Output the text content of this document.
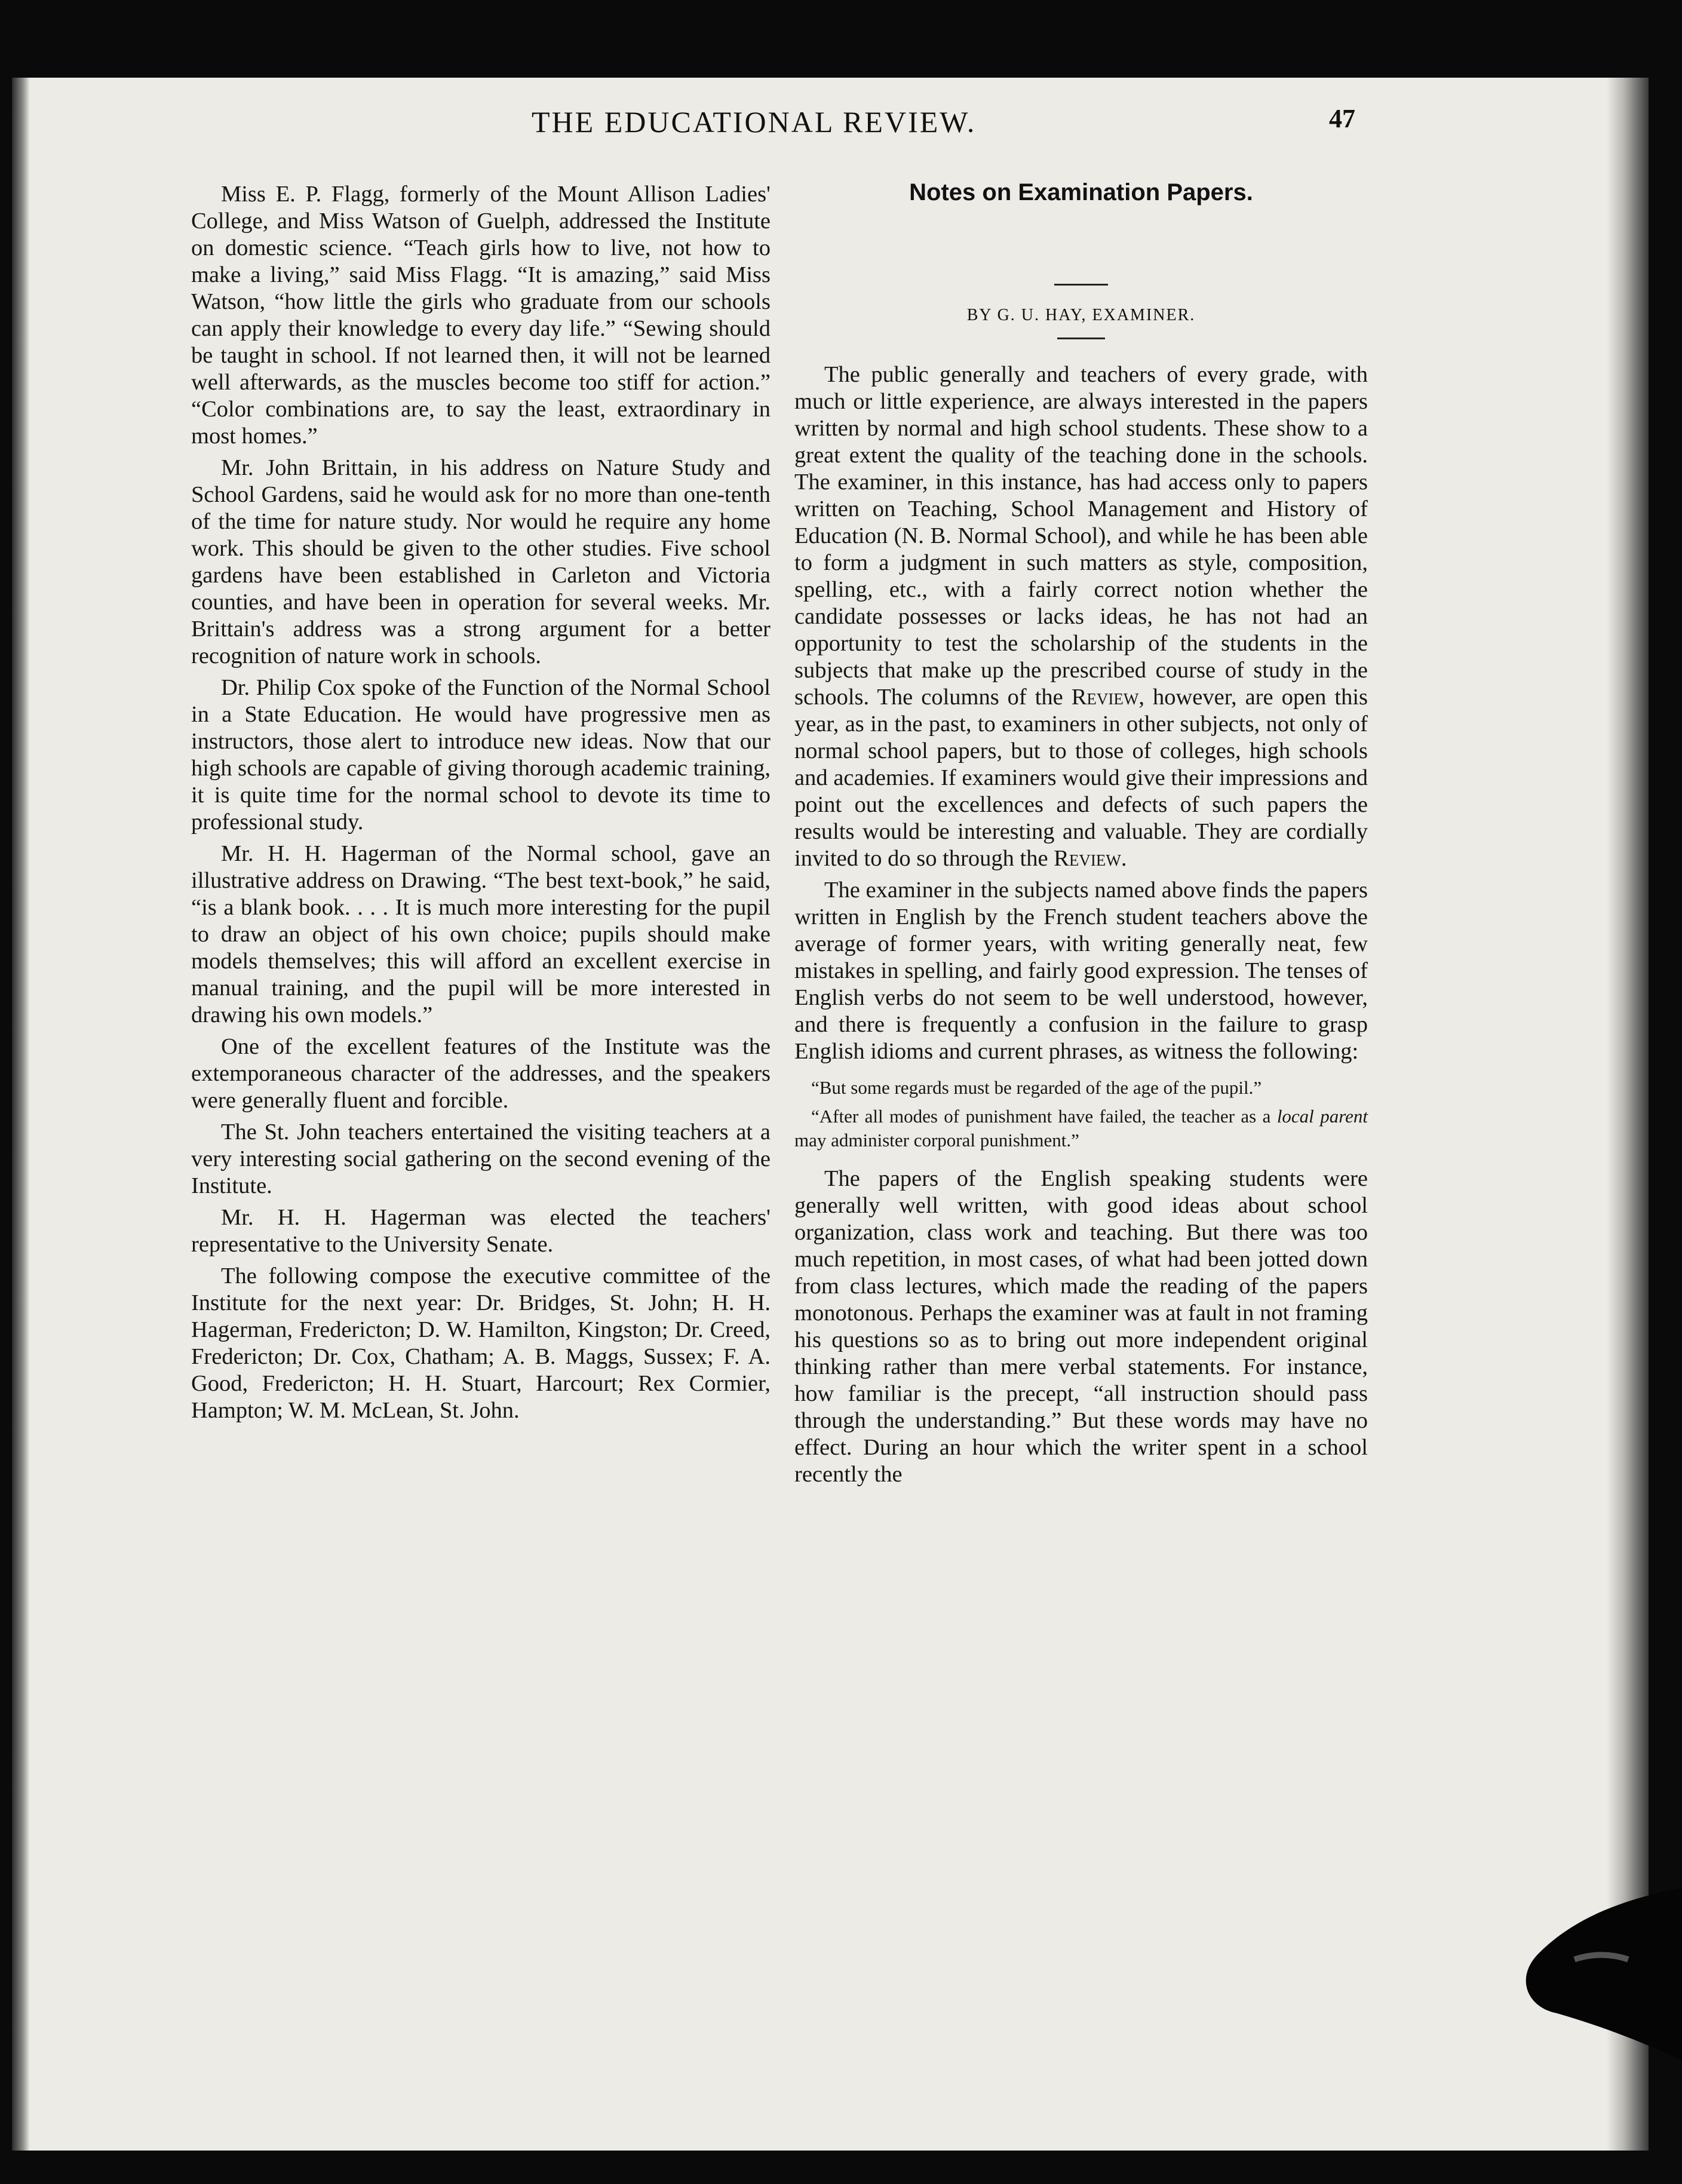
THE EDUCATIONAL REVIEW.	47

Miss E. P. Flagg, formerly of the Mount Allison Ladies' College, and Miss Watson of Guelph, addressed the Institute on domestic science. “Teach girls how to live, not how to make a living,” said Miss Flagg. “It is amazing,” said Miss Watson, “how little the girls who graduate from our schools can apply their knowledge to every day life.” “Sewing should be taught in school. If not learned then, it will not be learned well afterwards, as the muscles become too stiff for action.” “Color combinations are, to say the least, extraordinary in most homes.”

Mr. John Brittain, in his address on Nature Study and School Gardens, said he would ask for no more than one-tenth of the time for nature study. Nor would he require any home work. This should be given to the other studies. Five school gardens have been established in Carleton and Victoria counties, and have been in operation for several weeks. Mr. Brittain's address was a strong argument for a better recognition of nature work in schools.

Dr. Philip Cox spoke of the Function of the Normal School in a State Education. He would have progressive men as instructors, those alert to introduce new ideas. Now that our high schools are capable of giving thorough academic training, it is quite time for the normal school to devote its time to professional study.

Mr. H. H. Hagerman of the Normal school, gave an illustrative address on Drawing. “The best text-book,” he said, “is a blank book. . . . It is much more interesting for the pupil to draw an object of his own choice; pupils should make models themselves; this will afford an excellent exercise in manual training, and the pupil will be more interested in drawing his own models.”

One of the excellent features of the Institute was the extemporaneous character of the addresses, and the speakers were generally fluent and forcible.

The St. John teachers entertained the visiting teachers at a very interesting social gathering on the second evening of the Institute.

Mr. H. H. Hagerman was elected the teachers' representative to the University Senate.

The following compose the executive committee of the Institute for the next year: Dr. Bridges, St. John; H. H. Hagerman, Fredericton; D. W. Hamilton, Kingston; Dr. Creed, Fredericton; Dr. Cox, Chatham; A. B. Maggs, Sussex; F. A. Good, Fredericton; H. H. Stuart, Harcourt; Rex Cormier, Hampton; W. M. McLean, St. John.

Notes on Examination Papers.
BY G. U. HAY, EXAMINER.

The public generally and teachers of every grade, with much or little experience, are always interested in the papers written by normal and high school students. These show to a great extent the quality of the teaching done in the schools. The examiner, in this instance, has had access only to papers written on Teaching, School Management and History of Education (N. B. Normal School), and while he has been able to form a judgment in such matters as style, composition, spelling, etc., with a fairly correct notion whether the candidate possesses or lacks ideas, he has not had an opportunity to test the scholarship of the students in the subjects that make up the prescribed course of study in the schools. The columns of the Review, however, are open this year, as in the past, to examiners in other subjects, not only of normal school papers, but to those of colleges, high schools and academies. If examiners would give their impressions and point out the excellences and defects of such papers the results would be interesting and valuable. They are cordially invited to do so through the Review.

The examiner in the subjects named above finds the papers written in English by the French student teachers above the average of former years, with writing generally neat, few mistakes in spelling, and fairly good expression. The tenses of English verbs do not seem to be well understood, however, and there is frequently a confusion in the failure to grasp English idioms and current phrases, as witness the following:

“But some regards must be regarded of the age of the pupil.”

“After all modes of punishment have failed, the teacher as a local parent may administer corporal punishment.”

The papers of the English speaking students were generally well written, with good ideas about school organization, class work and teaching. But there was too much repetition, in most cases, of what had been jotted down from class lectures, which made the reading of the papers monotonous. Perhaps the examiner was at fault in not framing his questions so as to bring out more independent original thinking rather than mere verbal statements. For instance, how familiar is the precept, “all instruction should pass through the understanding.” But these words may have no effect. During an hour which the writer spent in a school recently the
